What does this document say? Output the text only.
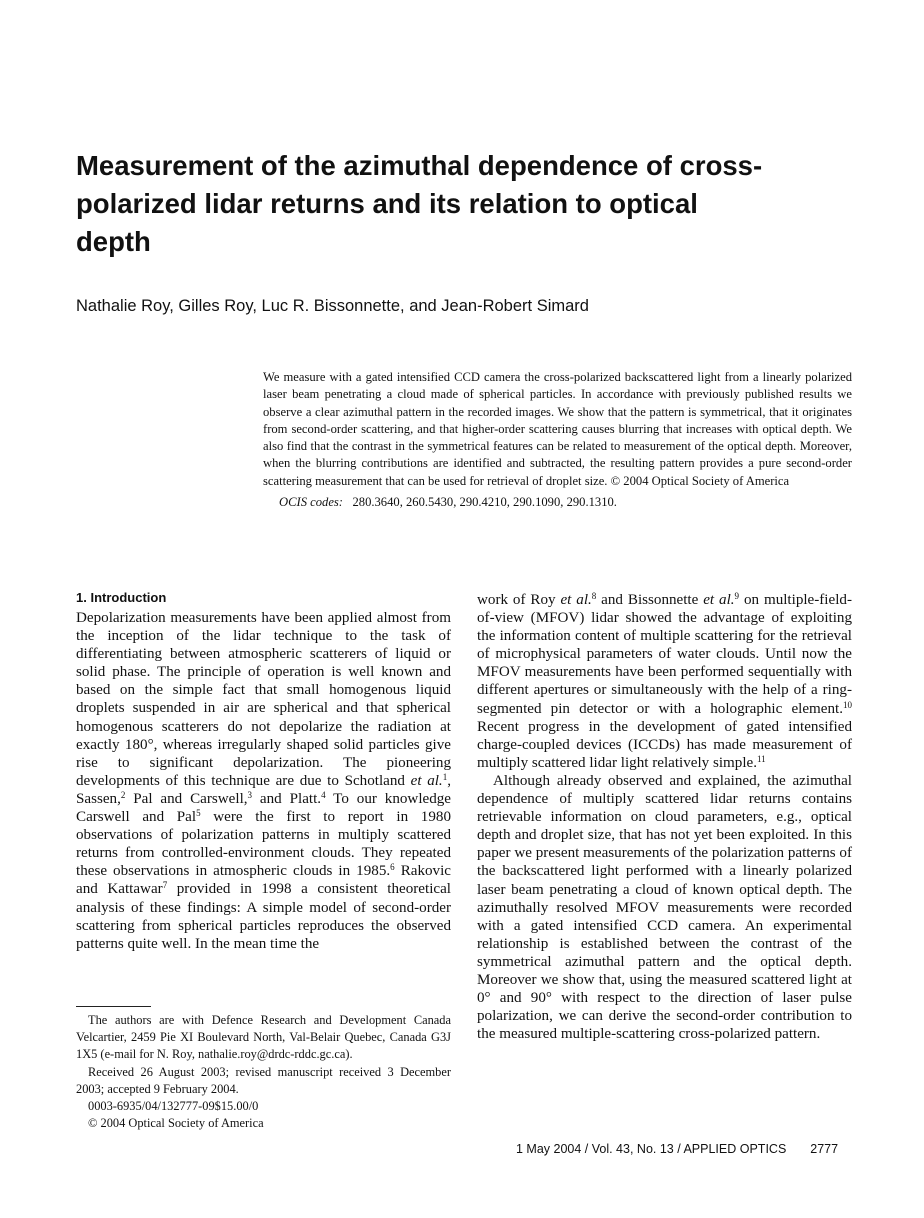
Measurement of the azimuthal dependence of cross-polarized lidar returns and its relation to optical depth

Nathalie Roy, Gilles Roy, Luc R. Bissonnette, and Jean-Robert Simard

We measure with a gated intensified CCD camera the cross-polarized backscattered light from a linearly polarized laser beam penetrating a cloud made of spherical particles. In accordance with previously published results we observe a clear azimuthal pattern in the recorded images. We show that the pattern is symmetrical, that it originates from second-order scattering, and that higher-order scattering causes blurring that increases with optical depth. We also find that the contrast in the symmetrical features can be related to measurement of the optical depth. Moreover, when the blurring contributions are identified and subtracted, the resulting pattern provides a pure second-order scattering measurement that can be used for retrieval of droplet size. © 2004 Optical Society of America

OCIS codes: 280.3640, 260.5430, 290.4210, 290.1090, 290.1310.

1. Introduction

Depolarization measurements have been applied almost from the inception of the lidar technique to the task of differentiating between atmospheric scatterers of liquid or solid phase. The principle of operation is well known and based on the simple fact that small homogenous liquid droplets suspended in air are spherical and that spherical homogenous scatterers do not depolarize the radiation at exactly 180°, whereas irregularly shaped solid particles give rise to significant depolarization. The pioneering developments of this technique are due to Schotland et al.$^1$, Sassen,$^2$ Pal and Carswell,$^3$ and Platt.$^4$ To our knowledge Carswell and Pal$^5$ were the first to report in 1980 observations of polarization patterns in multiply scattered returns from controlled-environment clouds. They repeated these observations in atmospheric clouds in 1985.$^6$ Rakovic and Kattawar$^7$ provided in 1998 a consistent theoretical analysis of these findings: A simple model of second-order scattering from spherical particles reproduces the observed patterns quite well. In the mean time the

work of Roy et al.$^8$ and Bissonnette et al.$^9$ on multiple-field-of-view (MFOV) lidar showed the advantage of exploiting the information content of multiple scattering for the retrieval of microphysical parameters of water clouds. Until now the MFOV measurements have been performed sequentially with different apertures or simultaneously with the help of a ring-segmented pin detector or with a holographic element.$^{10}$ Recent progress in the development of gated intensified charge-coupled devices (ICCDs) has made measurement of multiply scattered lidar light relatively simple.$^{11}$

Although already observed and explained, the azimuthal dependence of multiply scattered lidar returns contains retrievable information on cloud parameters, e.g., optical depth and droplet size, that has not yet been exploited. In this paper we present measurements of the polarization patterns of the backscattered light performed with a linearly polarized laser beam penetrating a cloud of known optical depth. The azimuthally resolved MFOV measurements were recorded with a gated intensified CCD camera. An experimental relationship is established between the contrast of the symmetrical azimuthal pattern and the optical depth. Moreover we show that, using the measured scattered light at 0° and 90° with respect to the direction of laser pulse polarization, we can derive the second-order contribution to the measured multiple-scattering cross-polarized pattern.

The authors are with Defence Research and Development Canada Velcartier, 2459 Pie XI Boulevard North, Val-Belair Quebec, Canada G3J 1X5 (e-mail for N. Roy, nathalie.roy@drdc-rddc.gc.ca).

Received 26 August 2003; revised manuscript received 3 December 2003; accepted 9 February 2004.

0003-6935/04/132777-09$15.00/0

© 2004 Optical Society of America

1 May 2004 / Vol. 43, No. 13 / APPLIED OPTICS 2777
